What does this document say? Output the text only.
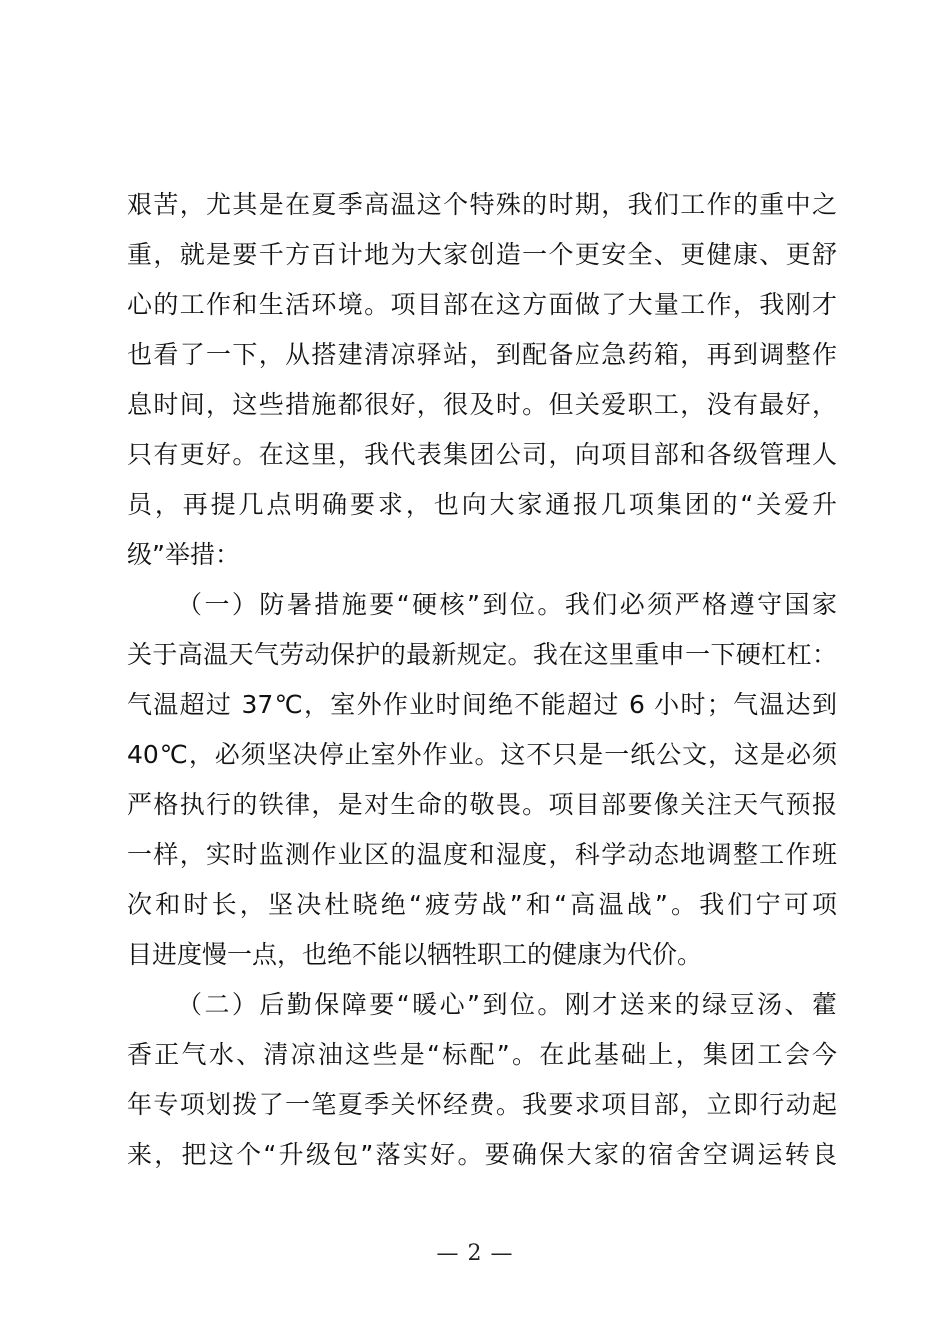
艰苦，尤其是在夏季高温这个特殊的时期，我们工作的重中之
重，就是要千方百计地为大家创造一个更安全、更健康、更舒
心的工作和生活环境。项目部在这方面做了大量工作，我刚才
也看了一下，从搭建清凉驿站，到配备应急药箱，再到调整作
息时间，这些措施都很好，很及时。但关爱职工，没有最好，
只有更好。在这里，我代表集团公司，向项目部和各级管理人
员，再提几点明确要求，也向大家通报几项集团的“关爱升
级”举措：
（一）防暑措施要“硬核”到位。我们必须严格遵守国家
关于高温天气劳动保护的最新规定。我在这里重申一下硬杠杠：
气温超过 37℃，室外作业时间绝不能超过 6 小时；气温达到
40℃，必须坚决停止室外作业。这不只是一纸公文，这是必须
严格执行的铁律，是对生命的敬畏。项目部要像关注天气预报
一样，实时监测作业区的温度和湿度，科学动态地调整工作班
次和时长，坚决杜晓绝“疲劳战”和“高温战”。我们宁可项
目进度慢一点，也绝不能以牺牲职工的健康为代价。
（二）后勤保障要“暖心”到位。刚才送来的绿豆汤、藿
香正气水、清凉油这些是“标配”。在此基础上，集团工会今
年专项划拨了一笔夏季关怀经费。我要求项目部，立即行动起
来，把这个“升级包”落实好。要确保大家的宿舍空调运转良
— 2 —
